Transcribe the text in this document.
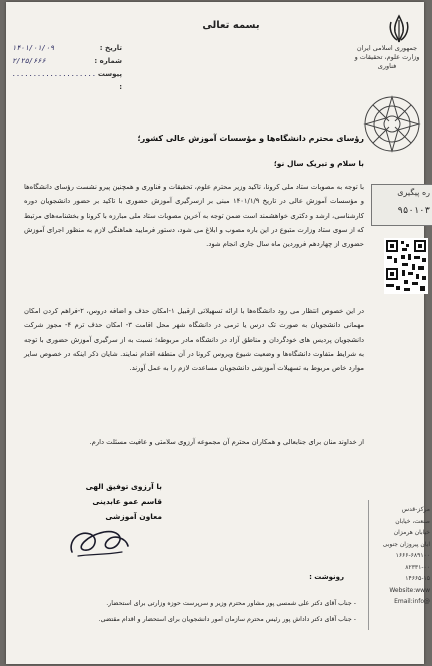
بسمه تعالی
جمهوری اسلامی ایران
وزارت علوم، تحقیقات و فناوری
تاریخ :
۱۴۰۱/۰۱/۰۹
شماره :
۲/۲۵/۶۶۶
پیوست :
....................
ره پیگیری
۹۵۰۱۰۳
رؤسای محترم دانشگاه‌ها و مؤسسات آموزش عالی کشور؛
با سلام و تبریک سال نو؛
با توجه به مصوبات ستاد ملی کرونا، تاکید وزیر محترم علوم، تحقیقات و فناوری و همچنین پیرو نشست رؤسای دانشگاه‌ها و مؤسسات آموزش عالی در تاریخ ۱۴۰۱/۱/۹ مبنی بر ازسرگیری آموزش حضوری با تاکید بر حضور دانشجویان دوره کارشناسی، ارشد و دکتری خواهشمند است ضمن توجه به آخرین مصوبات ستاد ملی مبارزه با کرونا و بخشنامه‌های مرتبط که از سوی ستاد وزارت متبوع در این باره مصوب و ابلاغ می شود، دستور فرمایید هماهنگی لازم به منظور اجرای آموزش حضوری از چهاردهم فروردین ماه سال جاری انجام شود.
در این خصوص انتظار می رود دانشگاه‌ها با ارائه تسهیلاتی ازقبیل ۱-امکان حذف و اضافه دروس، ۲-فراهم کردن امکان مهمانی دانشجویان به صورت تک درس یا ترمی در دانشگاه شهر محل اقامت ۳- امکان حذف ترم ۴- مجوز شرکت دانشجویان پردیس های خودگردان و مناطق آزاد در دانشگاه مادر مربوطه؛ نسبت به از سرگیری آموزش حضوری با توجه به شرایط متفاوت دانشگاه‌ها و وضعیت شیوع ویروس کرونا در آن منطقه اقدام نمایند. شایان ذکر اینکه در خصوص سایر موارد خاص مربوط به تسهیلات آموزشی دانشجویان مساعدت لازم را به عمل آورند.
از خداوند منان برای جنابعالی و همکاران محترم آن مجموعه آرزوی سلامتی و عافیت مسئلت دارم.
با آرزوی توفیق الهی
قاسم عمو عابدینی
معاون آموزشی
مرکز-قدس
صنعت، خیابان
خیابان هرمزان
ابان پیروزان جنوبی
۱۶۶۶-۶۸۹۱۰۰
۸۲۳۳۱-۰۰
۱۴۶۶۵-۱۵
Website:www
Email:info@
رونوشت :
- جناب آقای دکتر علی شمسی پور مشاور محترم وزیر و سرپرست حوزه وزارتی برای استحضار.
- جناب آقای دکتر داداش پور رئیس محترم سازمان امور دانشجویان برای استحضار و اقدام مقتضی.
